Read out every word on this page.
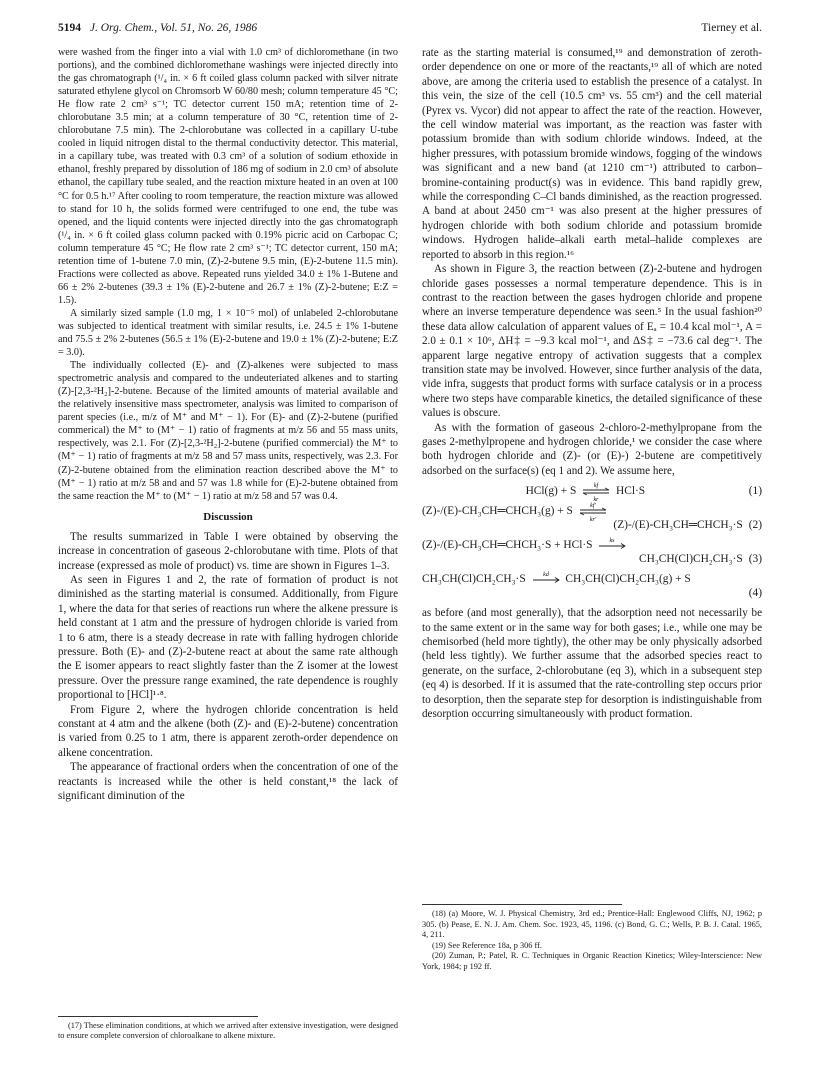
5194 J. Org. Chem., Vol. 51, No. 26, 1986	Tierney et al.

were washed from the finger into a vial with 1.0 cm³ of dichloromethane (in two portions), and the combined dichloromethane washings were injected directly into the gas chromatograph (¹/₄ in. × 6 ft coiled glass column packed with silver nitrate saturated ethylene glycol on Chromsorb W 60/80 mesh; column temperature 45 °C; He flow rate 2 cm³ s⁻¹; TC detector current 150 mA; retention time of 2-chlorobutane 3.5 min; at a column temperature of 30 °C, retention time of 2-chlorobutane 7.5 min). The 2-chlorobutane was collected in a capillary U-tube cooled in liquid nitrogen distal to the thermal conductivity detector. This material, in a capillary tube, was treated with 0.3 cm³ of a solution of sodium ethoxide in ethanol, freshly prepared by dissolution of 186 mg of sodium in 2.0 cm³ of absolute ethanol, the capillary tube sealed, and the reaction mixture heated in an oven at 100 °C for 0.5 h.¹⁷ After cooling to room temperature, the reaction mixture was allowed to stand for 10 h, the solids formed were centrifuged to one end, the tube was opened, and the liquid contents were injected directly into the gas chromatograph (¹/₄ in. × 6 ft coiled glass column packed with 0.19% picric acid on Carbopac C; column temperature 45 °C; He flow rate 2 cm³ s⁻¹; TC detector current, 150 mA; retention time of 1-butene 7.0 min, (Z)-2-butene 9.5 min, (E)-2-butene 11.5 min). Fractions were collected as above. Repeated runs yielded 34.0 ± 1% 1-Butene and 66 ± 2% 2-butenes (39.3 ± 1% (E)-2-butene and 26.7 ± 1% (Z)-2-butene; E:Z = 1.5).

A similarly sized sample (1.0 mg, 1 × 10⁻⁵ mol) of unlabeled 2-chlorobutane was subjected to identical treatment with similar results, i.e. 24.5 ± 1% 1-butene and 75.5 ± 2% 2-butenes (56.5 ± 1% (E)-2-butene and 19.0 ± 1% (Z)-2-butene; E:Z = 3.0).

The individually collected (E)- and (Z)-alkenes were subjected to mass spectrometric analysis and compared to the undeuteriated alkenes and to starting (Z)-[2,3-²H₂]-2-butene. Because of the limited amounts of material available and the relatively insensitive mass spectrometer, analysis was limited to comparison of parent species (i.e., m/z of M⁺ and M⁺ − 1). For (E)- and (Z)-2-butene (purified commerical) the M⁺ to (M⁺ − 1) ratio of fragments at m/z 56 and 55 mass units, respectively, was 2.1. For (Z)-[2,3-²H₂]-2-butene (purified commercial) the M⁺ to (M⁺ − 1) ratio of fragments at m/z 58 and 57 mass units, respectively, was 2.3. For (Z)-2-butene obtained from the elimination reaction described above the M⁺ to (M⁺ − 1) ratio at m/z 58 and and 57 was 1.8 while for (E)-2-butene obtained from the same reaction the M⁺ to (M⁺ − 1) ratio at m/z 58 and 57 was 0.4.

Discussion

The results summarized in Table I were obtained by observing the increase in concentration of gaseous 2-chlorobutane with time. Plots of that increase (expressed as mole of product) vs. time are shown in Figures 1–3.

As seen in Figures 1 and 2, the rate of formation of product is not diminished as the starting material is consumed. Additionally, from Figure 1, where the data for that series of reactions run where the alkene pressure is held constant at 1 atm and the pressure of hydrogen chloride is varied from 1 to 6 atm, there is a steady decrease in rate with falling hydrogen chloride pressure. Both (E)- and (Z)-2-butene react at about the same rate although the E isomer appears to react slightly faster than the Z isomer at the lowest pressure. Over the pressure range examined, the rate dependence is roughly proportional to [HCl]¹·⁸.

From Figure 2, where the hydrogen chloride concentration is held constant at 4 atm and the alkene (both (Z)- and (E)-2-butene) concentration is varied from 0.25 to 1 atm, there is apparent zeroth-order dependence on alkene concentration.

The appearance of fractional orders when the concentration of one of the reactants is increased while the other is held constant,¹⁸ the lack of significant diminution of the

(17) These elimination conditions, at which we arrived after extensive investigation, were designed to ensure complete conversion of chloroalkane to alkene mixture.

rate as the starting material is consumed,¹⁹ and demonstration of zeroth-order dependence on one or more of the reactants,¹⁹ all of which are noted above, are among the criteria used to establish the presence of a catalyst. In this vein, the size of the cell (10.5 cm³ vs. 55 cm³) and the cell material (Pyrex vs. Vycor) did not appear to affect the rate of the reaction. However, the cell window material was important, as the reaction was faster with potassium bromide than with sodium chloride windows. Indeed, at the higher pressures, with potassium bromide windows, fogging of the windows was significant and a new band (at 1210 cm⁻¹) attributed to carbon–bromine-containing product(s) was in evidence. This band rapidly grew, while the corresponding C–Cl bands diminished, as the reaction progressed. A band at about 2450 cm⁻¹ was also present at the higher pressures of hydrogen chloride with both sodium chloride and potassium bromide windows. Hydrogen halide–alkali earth metal–halide complexes are reported to absorb in this region.¹⁶

As shown in Figure 3, the reaction between (Z)-2-butene and hydrogen chloride gases possesses a normal temperature dependence. This is in contrast to the reaction between the gases hydrogen chloride and propene where an inverse temperature dependence was seen.⁵ In the usual fashion²⁰ these data allow calculation of apparent values of Eₐ = 10.4 kcal mol⁻¹, A = 2.0 ± 0.1 × 10⁶, ΔH‡ = −9.3 kcal mol⁻¹, and ΔS‡ = −73.6 cal deg⁻¹. The apparent large negative entropy of activation suggests that a complex transition state may be involved. However, since further analysis of the data, vide infra, suggests that product forms with surface catalysis or in a process where two steps have comparable kinetics, the detailed significance of these values is obscure.

As with the formation of gaseous 2-chloro-2-methylpropane from the gases 2-methylpropene and hydrogen chloride,¹ we consider the case where both hydrogen chloride and (Z)- (or (E)-) 2-butene are competitively adsorbed on the surface(s) (eq 1 and 2). We assume here,

HCl(g) + S	kf
kr
HCl·S	(1)
(Z)-/(E)-CH₃CH═CHCH₃(g) + S	kf′
kr′	(Z)-/(E)-CH₃CH═CHCH₃·S (2)
(Z)-/(E)-CH₃CH═CHCH₃·S + HCl·S	ks
CH₃CH(Cl)CH₂CH₃·S (3)
CH₃CH(Cl)CH₂CH₃·S	kd CH₃CH(Cl)CH₂CH₃(g) + S
(4)

as before (and most generally), that the adsorption need not necessarily be to the same extent or in the same way for both gases; i.e., while one may be chemisorbed (held more tightly), the other may be only physically adsorbed (held less tightly). We further assume that the adsorbed species react to generate, on the surface, 2-chlorobutane (eq 3), which in a subsequent step (eq 4) is desorbed. If it is assumed that the rate-controlling step occurs prior to desorption, then the separate step for desorption is indistinguishable from desorption occurring simultaneously with product formation.

(18) (a) Moore, W. J. Physical Chemistry, 3rd ed.; Prentice-Hall: Englewood Cliffs, NJ, 1962; p 305. (b) Pease, E. N. J. Am. Chem. Soc. 1923, 45, 1196. (c) Bond, G. C.; Wells, P. B. J. Catal. 1965, 4, 211.

(19) See Reference 18a, p 306 ff.

(20) Zuman, P.; Patel, R. C. Techniques in Organic Reaction Kinetics; Wiley-Interscience: New York, 1984; p 192 ff.
